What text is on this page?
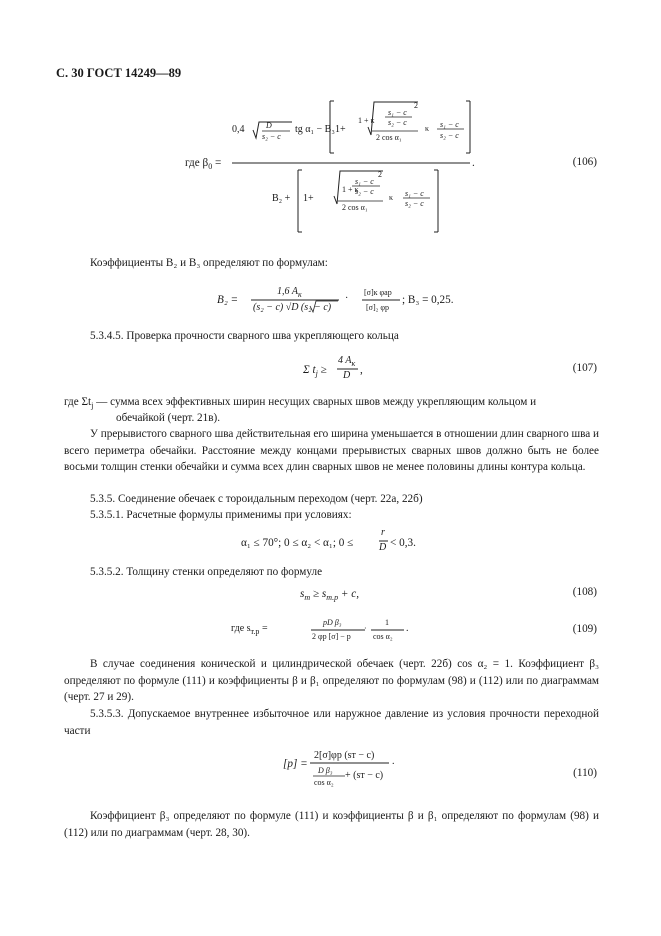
С. 30 ГОСТ 14249—89
0,4	D
s₂ − c
tg α₁ − B₃ 1+
1 + κ
s₁ − c
s₂ − c
2
2 cos α₁
κ s₁ − c
s₂ − c
где $\beta_0$ =	.	(106)
B₂ + 1+
1 + κ
s₁ − c
s₂ − c
2
2 cos α₁
κ s₁ − c
s₂ − c
Коэффициенты B₂ и B₃ определяют по формулам:
B₂ =
1,6 $A_к$
(s₂ − c) √D (s₂ − c)
·
[σ]к φаp
[σ]₂ φp
; B₃ = 0,25.
5.3.4.5. Проверка прочности сварного шва укрепляющего кольца
Σ $t_j$ ≥
4 $A_к$
D ,	(107)
где $\Sigma t_j$ — сумма всех эффективных ширин несущих сварных швов между укрепляющим кольцом и
обечайкой (черт. 21в).
У прерывистого сварного шва действительная его ширина уменьшается в отношении длин сварного шва и всего периметра обечайки. Расстояние между концами прерывистых сварных швов должно быть не более восьми толщин стенки обечайки и сумма всех длин сварных швов не менее половины длины контура кольца.
5.3.5. Соединение обечаек с тороидальным переходом (черт. 22а, 22б)
5.3.5.1. Расчетные формулы применимы при условиях:
α₁ ≤ 70°; 0 ≤ α₂ < α₁; 0 ≤
r
D < 0,3.
5.3.5.2. Толщину стенки определяют по формуле
$s_т \ge s_{т.р} + c$,	(108)
где $s_{т.р}$ =
pD β₃
2 φp [σ] − p
·
1
cos α₂
.	(109)
В случае соединения конической и цилиндрической обечаек (черт. 22б) cos α₂ = 1. Коэффициент β₃ определяют по формуле (111) и коэффициенты β и β₁ определяют по формулам (98) и (112) или по диаграммам (черт. 27 и 29).
5.3.5.3. Допускаемое внутреннее избыточное или наружное давление из условия прочности переходной части
[p] =
2[σ]φp (sт − c)
D β₃
cos α₂
+ (sт − c)
.
(110)
Коэффициент β₃ определяют по формуле (111) и коэффициенты β и β₁ определяют по формулам (98) и (112) или по диаграммам (черт. 28, 30).
